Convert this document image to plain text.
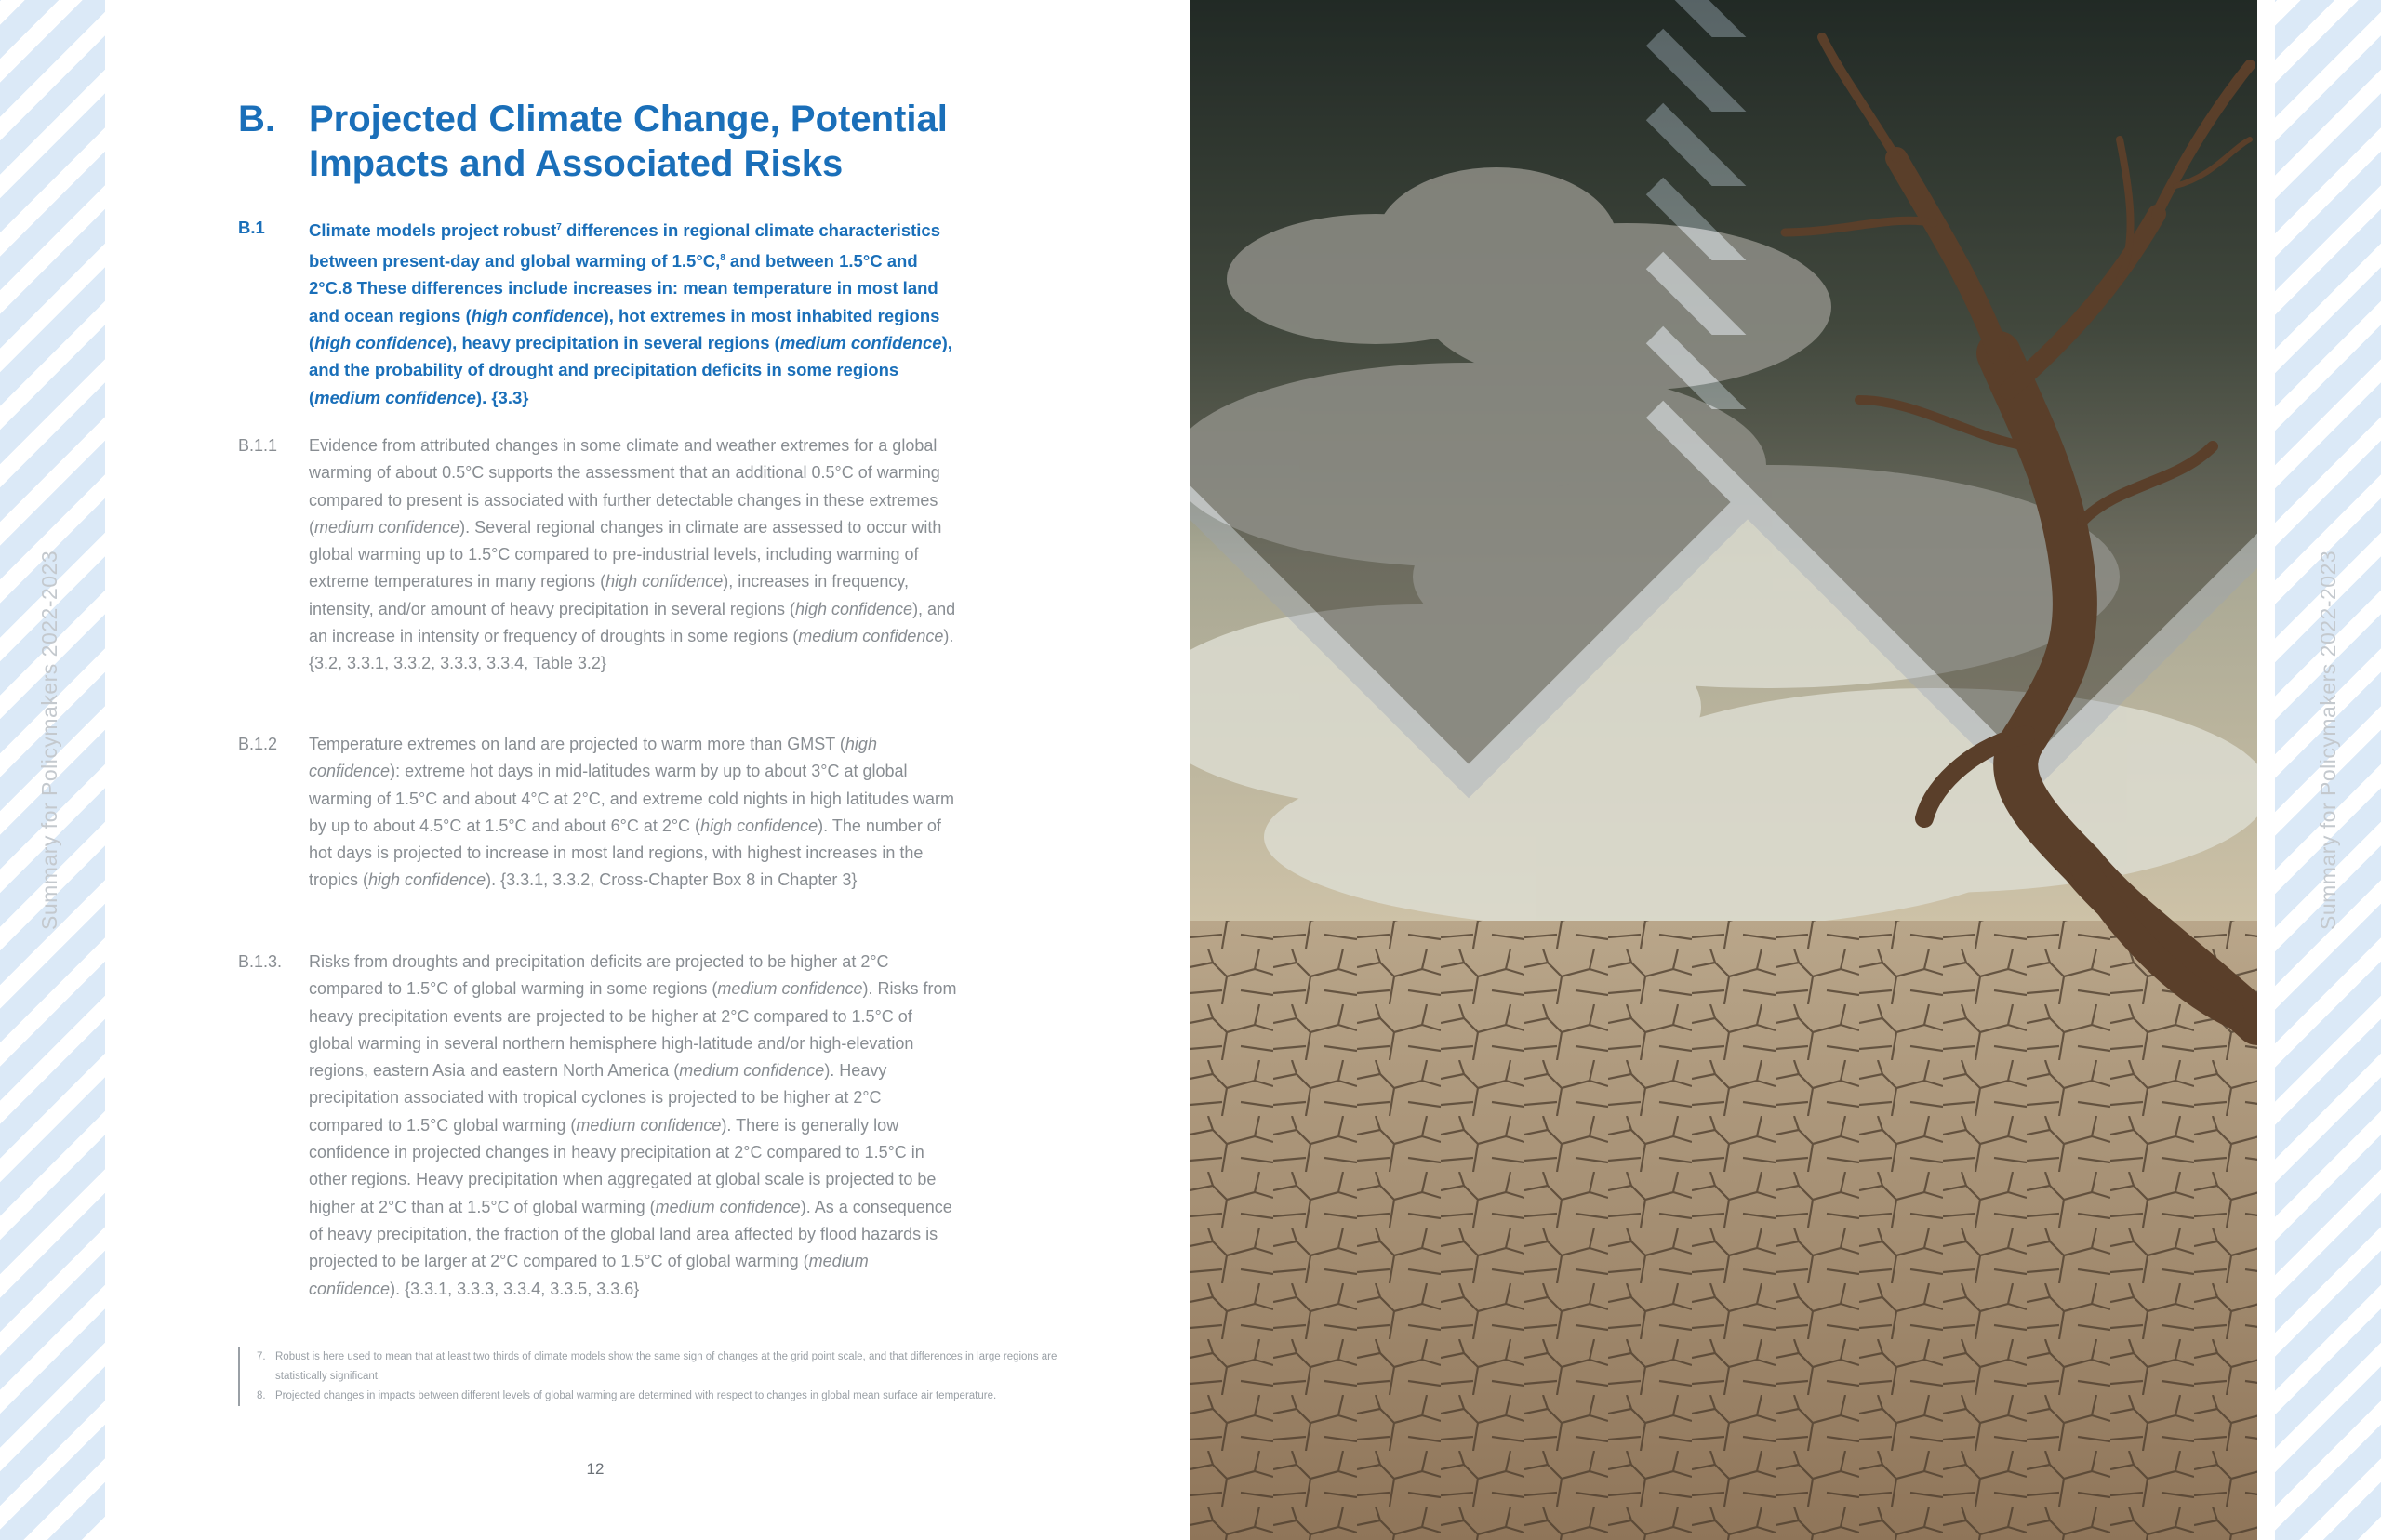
Summary for Policymakers 2022-2023
B. Projected Climate Change, Potential
Impacts and Associated Risks
B.1	Climate models project robust$^7$ differences in regional climate characteristics between present-day and global warming of 1.5°C,$^8$ and between 1.5°C and 2°C.8 These differences include increases in: mean temperature in most land and ocean regions (high confidence), hot extremes in most inhabited regions (high confidence), heavy precipitation in several regions (medium confidence), and the probability of drought and precipitation deficits in some regions (medium confidence). {3.3}
B.1.1 Evidence from attributed changes in some climate and weather extremes for a global warming of about 0.5°C supports the assessment that an additional 0.5°C of warming compared to present is associated with further detectable changes in these extremes (medium confidence). Several regional changes in climate are assessed to occur with global warming up to 1.5°C compared to pre-industrial levels, including warming of extreme temperatures in many regions (high confidence), increases in frequency, intensity, and/or amount of heavy precipitation in several regions (high confidence), and an increase in intensity or frequency of droughts in some regions (medium confidence). {3.2, 3.3.1, 3.3.2, 3.3.3, 3.3.4, Table 3.2}
B.1.2 Temperature extremes on land are projected to warm more than GMST (high confidence): extreme hot days in mid-latitudes warm by up to about 3°C at global warming of 1.5°C and about 4°C at 2°C, and extreme cold nights in high latitudes warm by up to about 4.5°C at 1.5°C and about 6°C at 2°C (high confidence). The number of hot days is projected to increase in most land regions, with highest increases in the tropics (high confidence). {3.3.1, 3.3.2, Cross-Chapter Box 8 in Chapter 3}
B.1.3. Risks from droughts and precipitation deficits are projected to be higher at 2°C compared to 1.5°C of global warming in some regions (medium confidence). Risks from heavy precipitation events are projected to be higher at 2°C compared to 1.5°C of global warming in several northern hemisphere high-latitude and/or high-elevation regions, eastern Asia and eastern North America (medium confidence). Heavy precipitation associated with tropical cyclones is projected to be higher at 2°C compared to 1.5°C global warming (medium confidence). There is generally low confidence in projected changes in heavy precipitation at 2°C compared to 1.5°C in other regions. Heavy precipitation when aggregated at global scale is projected to be higher at 2°C than at 1.5°C of global warming (medium confidence). As a consequence of heavy precipitation, the fraction of the global land area affected by flood hazards is projected to be larger at 2°C compared to 1.5°C of global warming (medium confidence). {3.3.1, 3.3.3, 3.3.4, 3.3.5, 3.3.6}
7. Robust is here used to mean that at least two thirds of climate models show the same sign of changes at the grid point scale, and that differences in large regions are statistically significant.
8. Projected changes in impacts between different levels of global warming are determined with respect to changes in global mean surface air temperature.
12
Summary for Policymakers 2022-2023
